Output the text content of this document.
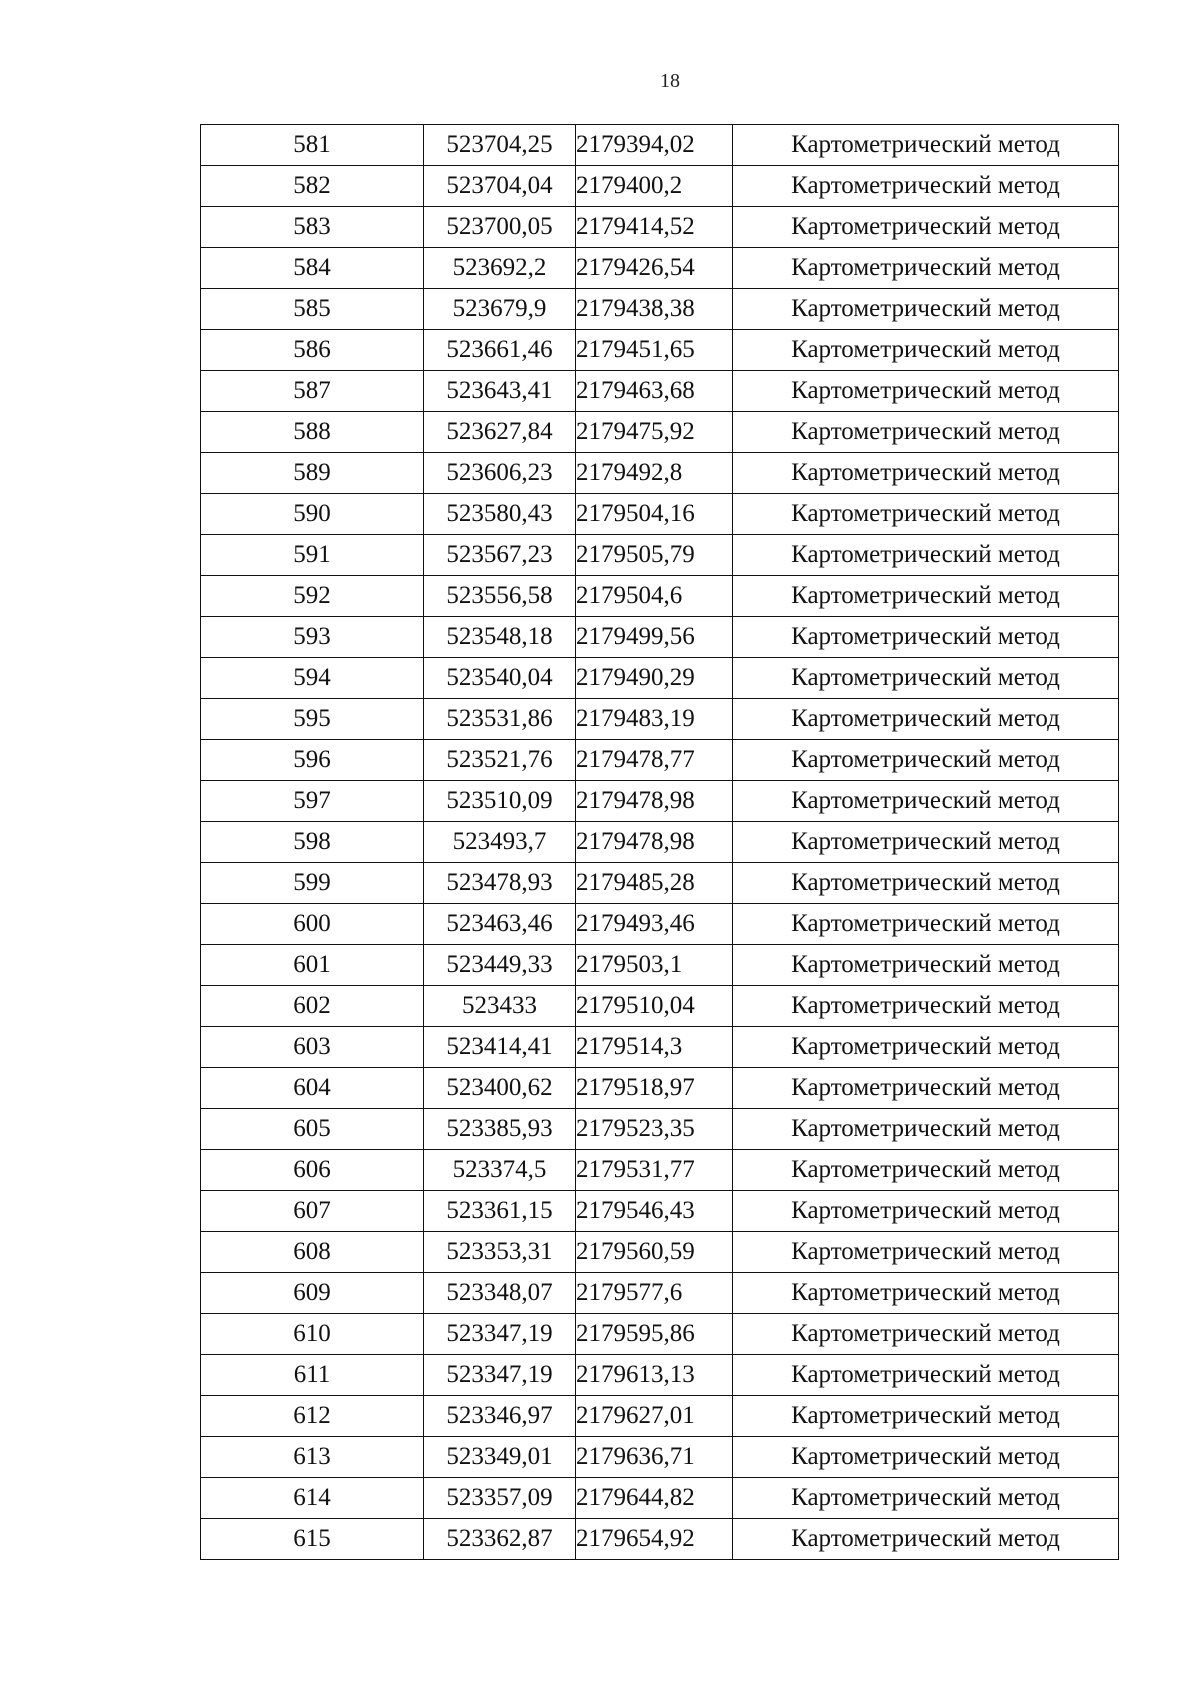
18
581	523704,25	2179394,02	Картометрический метод
582	523704,04	2179400,2	Картометрический метод
583	523700,05	2179414,52	Картометрический метод
584	523692,2	2179426,54	Картометрический метод
585	523679,9	2179438,38	Картометрический метод
586	523661,46	2179451,65	Картометрический метод
587	523643,41	2179463,68	Картометрический метод
588	523627,84	2179475,92	Картометрический метод
589	523606,23	2179492,8	Картометрический метод
590	523580,43	2179504,16	Картометрический метод
591	523567,23	2179505,79	Картометрический метод
592	523556,58	2179504,6	Картометрический метод
593	523548,18	2179499,56	Картометрический метод
594	523540,04	2179490,29	Картометрический метод
595	523531,86	2179483,19	Картометрический метод
596	523521,76	2179478,77	Картометрический метод
597	523510,09	2179478,98	Картометрический метод
598	523493,7	2179478,98	Картометрический метод
599	523478,93	2179485,28	Картометрический метод
600	523463,46	2179493,46	Картометрический метод
601	523449,33	2179503,1	Картометрический метод
602	523433	2179510,04	Картометрический метод
603	523414,41	2179514,3	Картометрический метод
604	523400,62	2179518,97	Картометрический метод
605	523385,93	2179523,35	Картометрический метод
606	523374,5	2179531,77	Картометрический метод
607	523361,15	2179546,43	Картометрический метод
608	523353,31	2179560,59	Картометрический метод
609	523348,07	2179577,6	Картометрический метод
610	523347,19	2179595,86	Картометрический метод
611	523347,19	2179613,13	Картометрический метод
612	523346,97	2179627,01	Картометрический метод
613	523349,01	2179636,71	Картометрический метод
614	523357,09	2179644,82	Картометрический метод
615	523362,87	2179654,92	Картометрический метод
